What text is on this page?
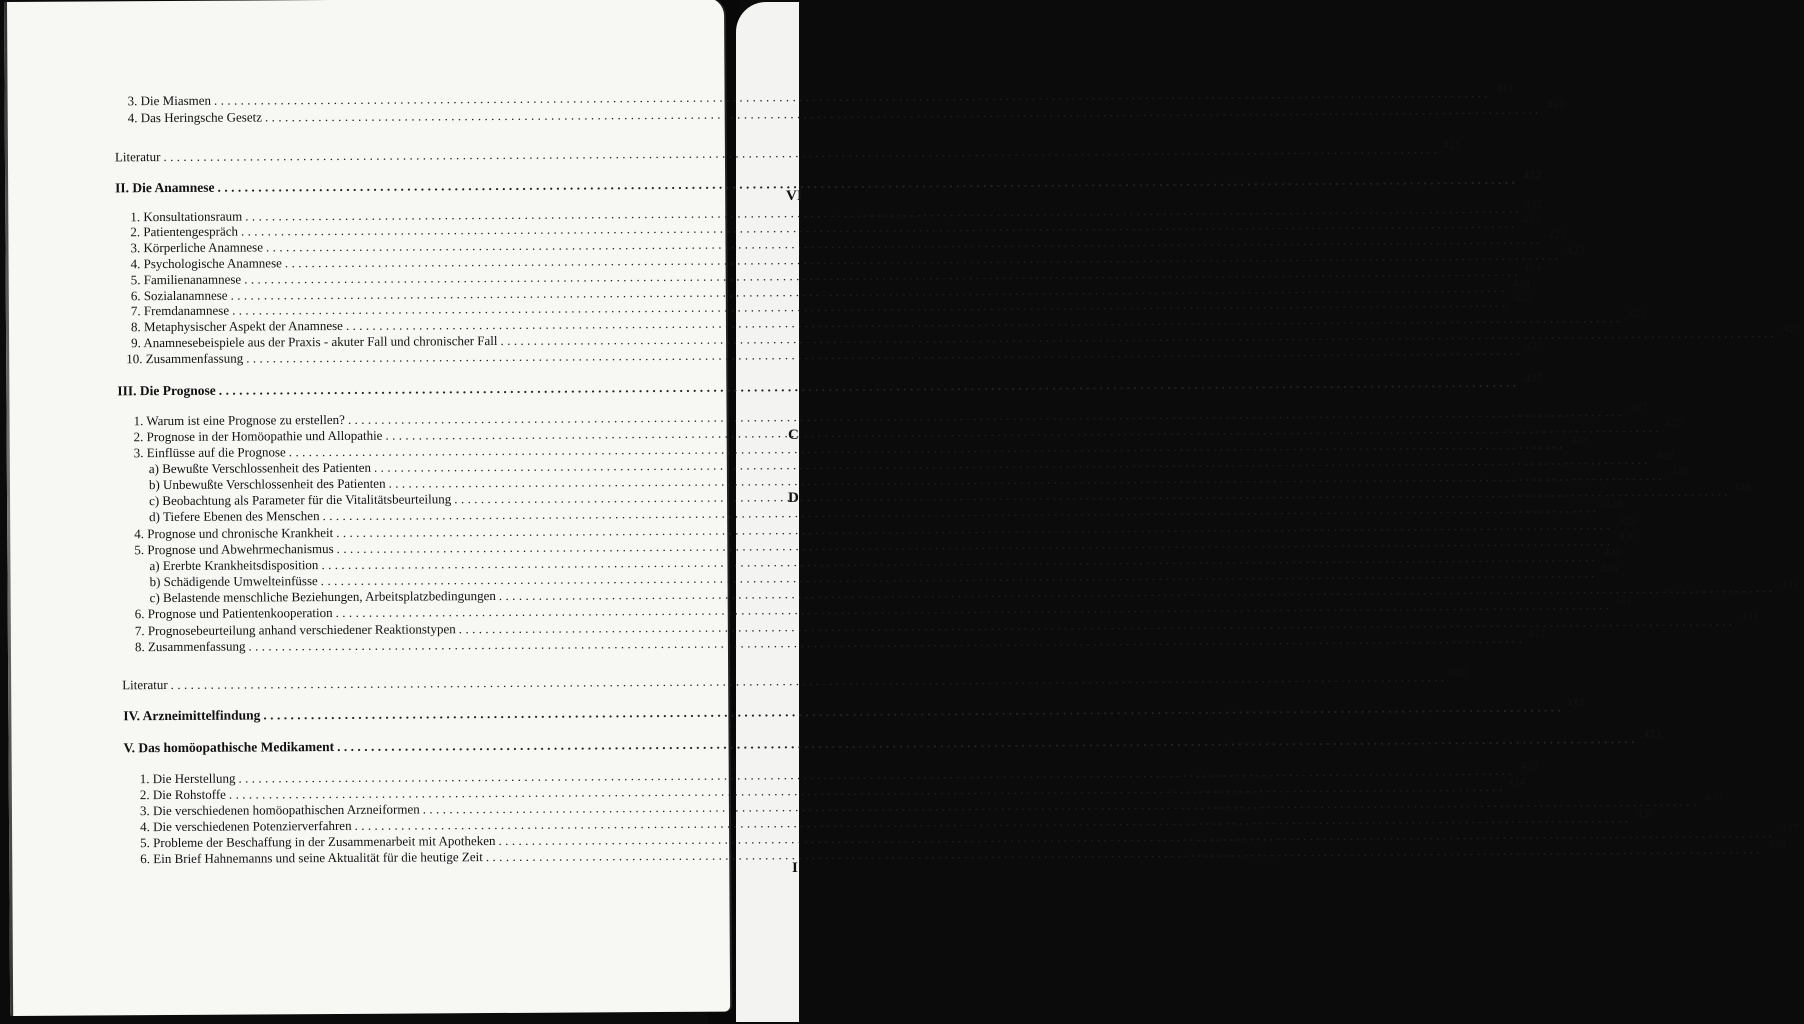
VI
C
D
I
3. Die Miasmen
.....
.417
4. Das Heringsche Gesetz
.....
.418
Literatur
.....
421
II. Die Anamnese
.....
.422
1. Konsultationsraum
.....
422
2. Patientengespräch
.....
.422
3. Körperliche Anamnese
.....
.423
4. Psychologische Anamnese
.....
.423
5. Familienanamnese
.....
424
6. Sozialanamnese
.....
.424
7. Fremdanamnese
.....
.424
8. Metaphysischer Aspekt der Anamnese
.....
.425
9. Anamnesebeispiele aus der Praxis - akuter Fall und chronischer Fall
.....
.425
10. Zusammenfassung
.....
427
III. Die Prognose
.....
.427
1. Warum ist eine Prognose zu erstellen?
.....
.427
2. Prognose in der Homöopathie und Allopathie
.....
427
3. Einflüsse auf die Prognose
.....
.428
a) Bewußte Verschlossenheit des Patienten
.....
.428
b) Unbewußte Verschlossenheit des Patienten
.....
.428
c) Beobachtung als Parameter für die Vitalitätsbeurteilung
.....
428
d) Tiefere Ebenen des Menschen
.....
.428
4. Prognose und chronische Krankheit
.....
.429
5. Prognose und Abwehrmechanismus
.....
.430
a) Ererbte Krankheitsdisposition
.....
.430
b) Schädigende Umwelteinfüsse
.....
430
c) Belastende menschliche Beziehungen, Arbeitsplatzbedingungen
.....
.431
6. Prognose und Patientenkooperation
.....
431
7. Prognosebeurteilung anhand verschiedener Reaktionstypen
.....
.431
8. Zusammenfassung
.....
432
Literatur
.....
432
IV. Arzneimittelfindung
.....
432
V. Das homöopathische Medikament
.....
.433
1. Die Herstellung
.....
.433
2. Die Rohstoffe
.....
434
3. Die verschiedenen homöopathischen Arzneiformen
.....
.435
4. Die verschiedenen Potenzierverfahren
.....
.436
5. Probleme der Beschaffung in der Zusammenarbeit mit Apotheken
.....
.437
6. Ein Brief Hahnemanns und seine Aktualität für die heutige Zeit
.....
.438
